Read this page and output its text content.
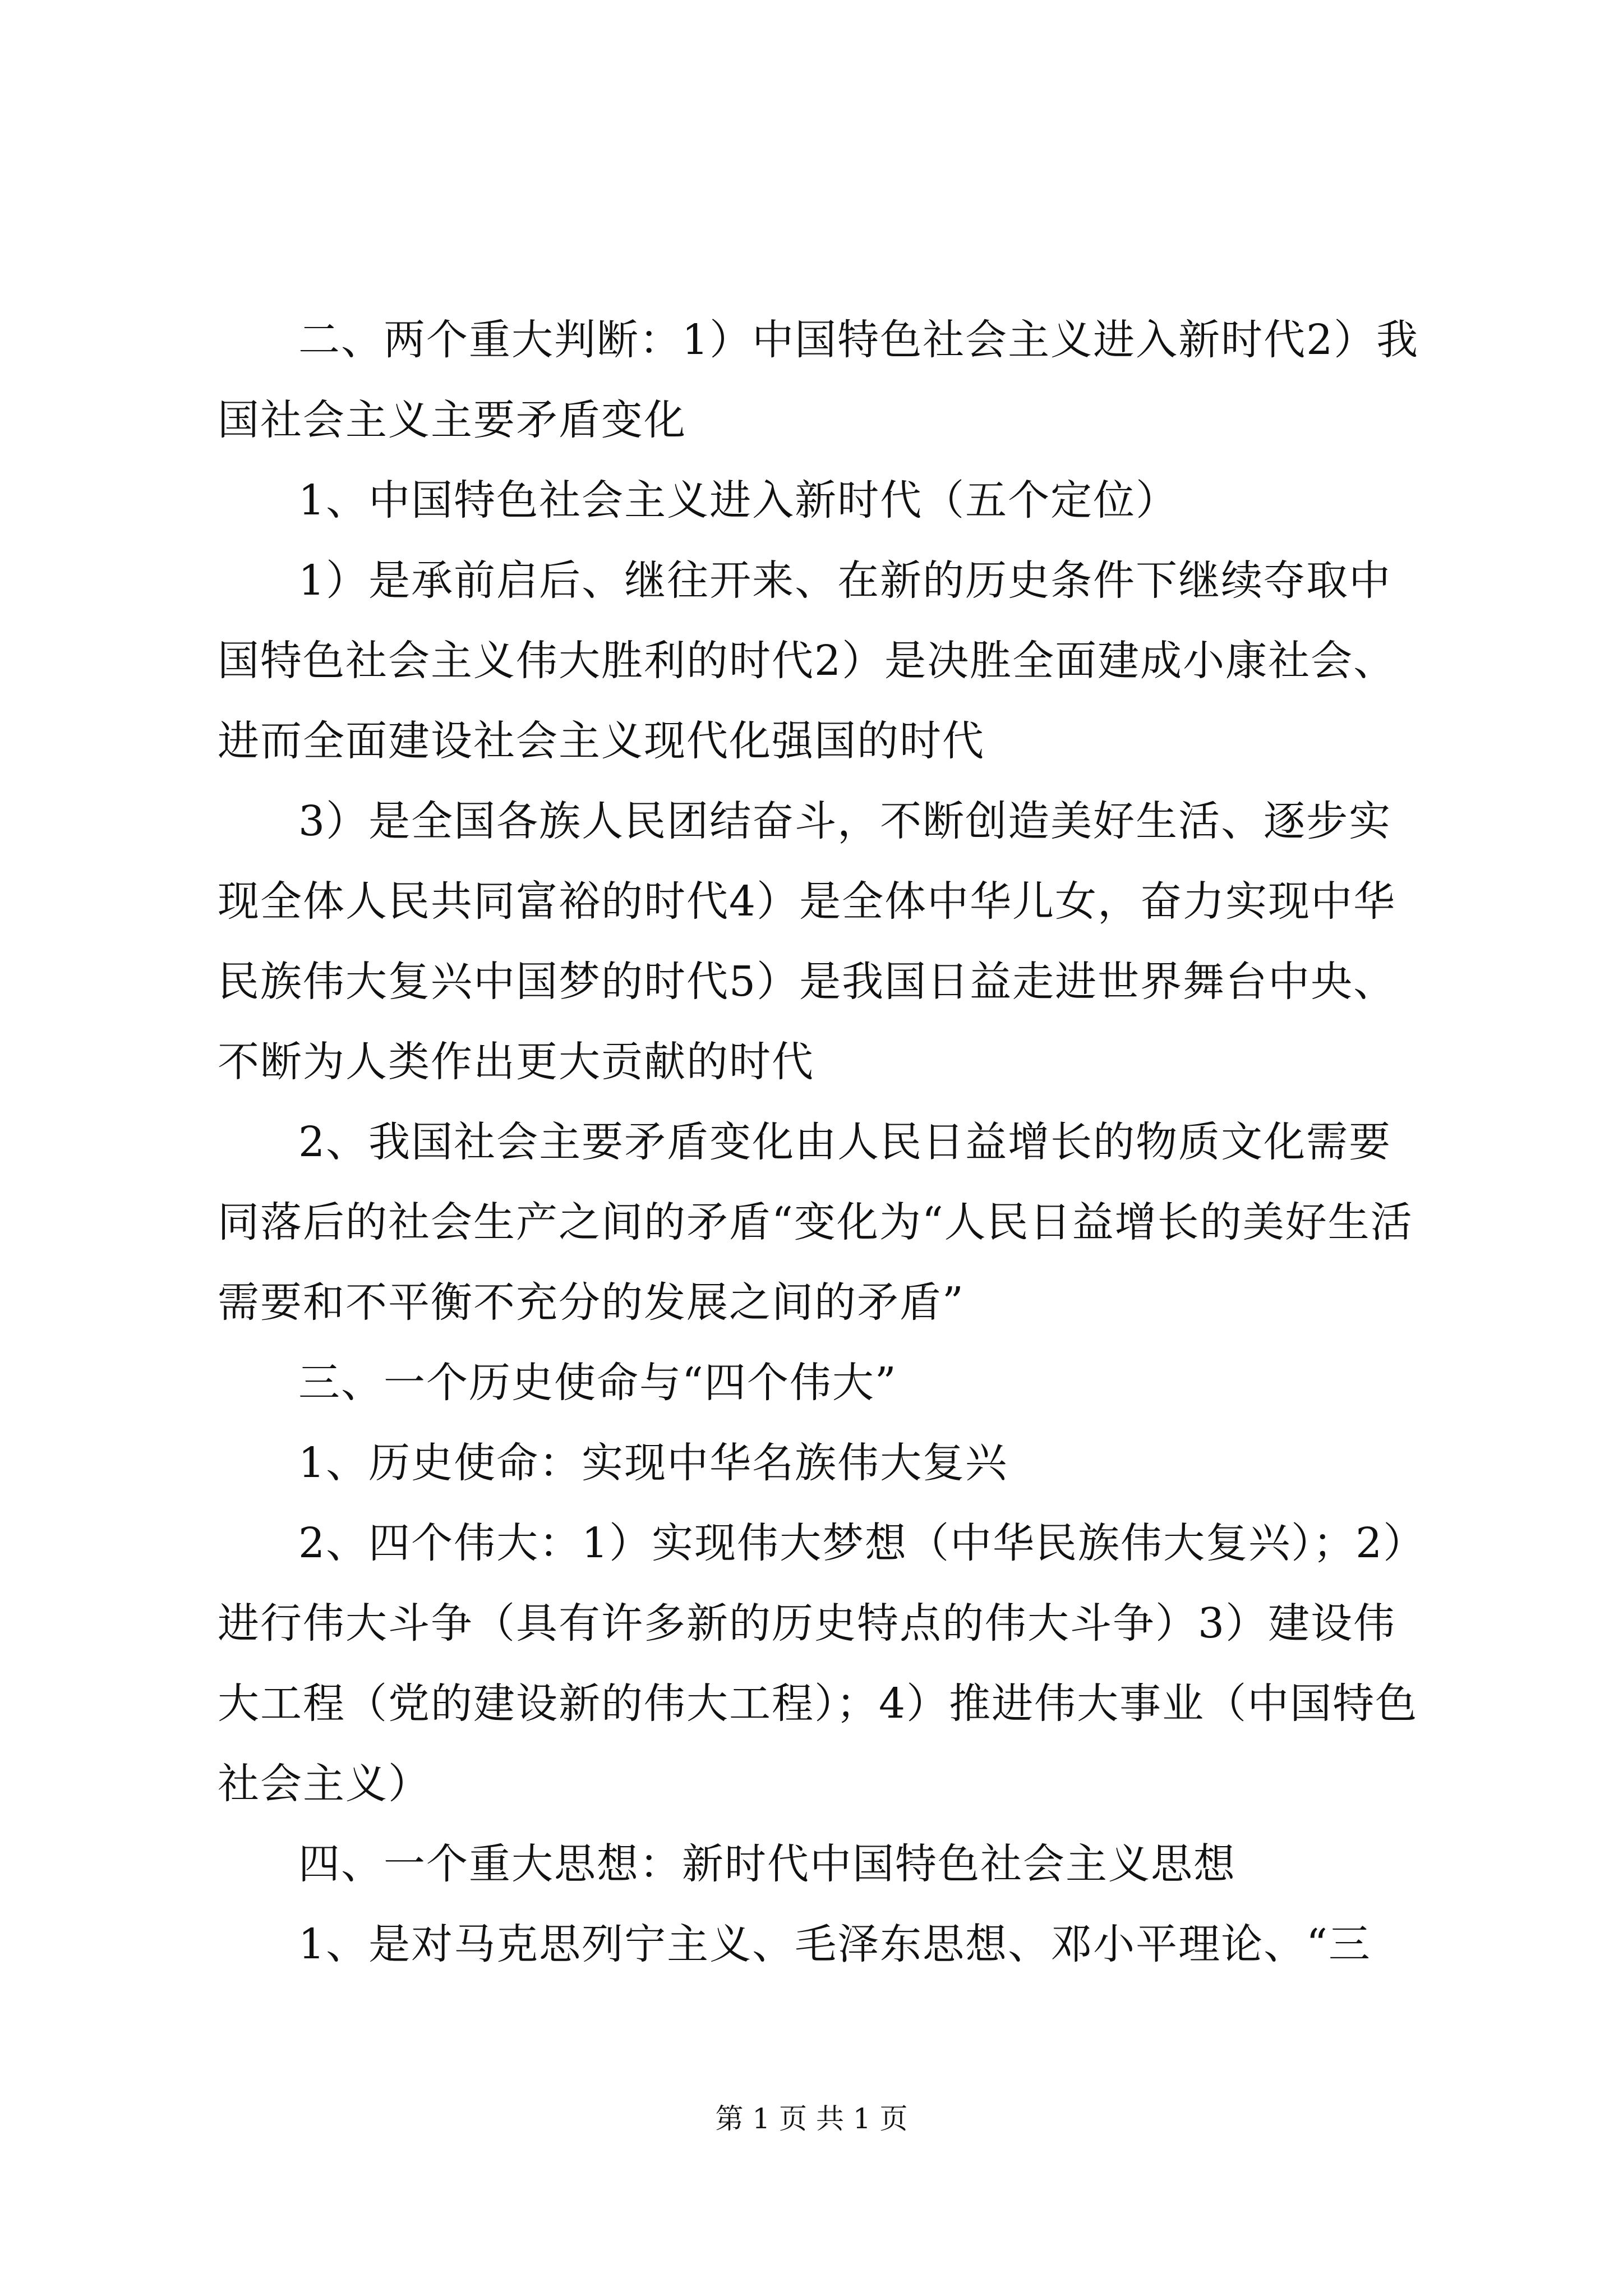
二、两个重大判断：1）中国特色社会主义进入新时代2）我国社会主义主要矛盾变化

1、中国特色社会主义进入新时代（五个定位）

1）是承前启后、继往开来、在新的历史条件下继续夺取中国特色社会主义伟大胜利的时代2）是决胜全面建成小康社会、进而全面建设社会主义现代化强国的时代

3）是全国各族人民团结奋斗，不断创造美好生活、逐步实现全体人民共同富裕的时代4）是全体中华儿女，奋力实现中华民族伟大复兴中国梦的时代5）是我国日益走进世界舞台中央、不断为人类作出更大贡献的时代

2、我国社会主要矛盾变化由人民日益增长的物质文化需要同落后的社会生产之间的矛盾“变化为“人民日益增长的美好生活需要和不平衡不充分的发展之间的矛盾”

三、一个历史使命与“四个伟大”

1、历史使命：实现中华名族伟大复兴

2、四个伟大：1）实现伟大梦想（中华民族伟大复兴）；2）进行伟大斗争（具有许多新的历史特点的伟大斗争）3）建设伟大工程（党的建设新的伟大工程）；4）推进伟大事业（中国特色社会主义）

四、一个重大思想：新时代中国特色社会主义思想

1、是对马克思列宁主义、毛泽东思想、邓小平理论、“三

第 1 页 共 1 页
